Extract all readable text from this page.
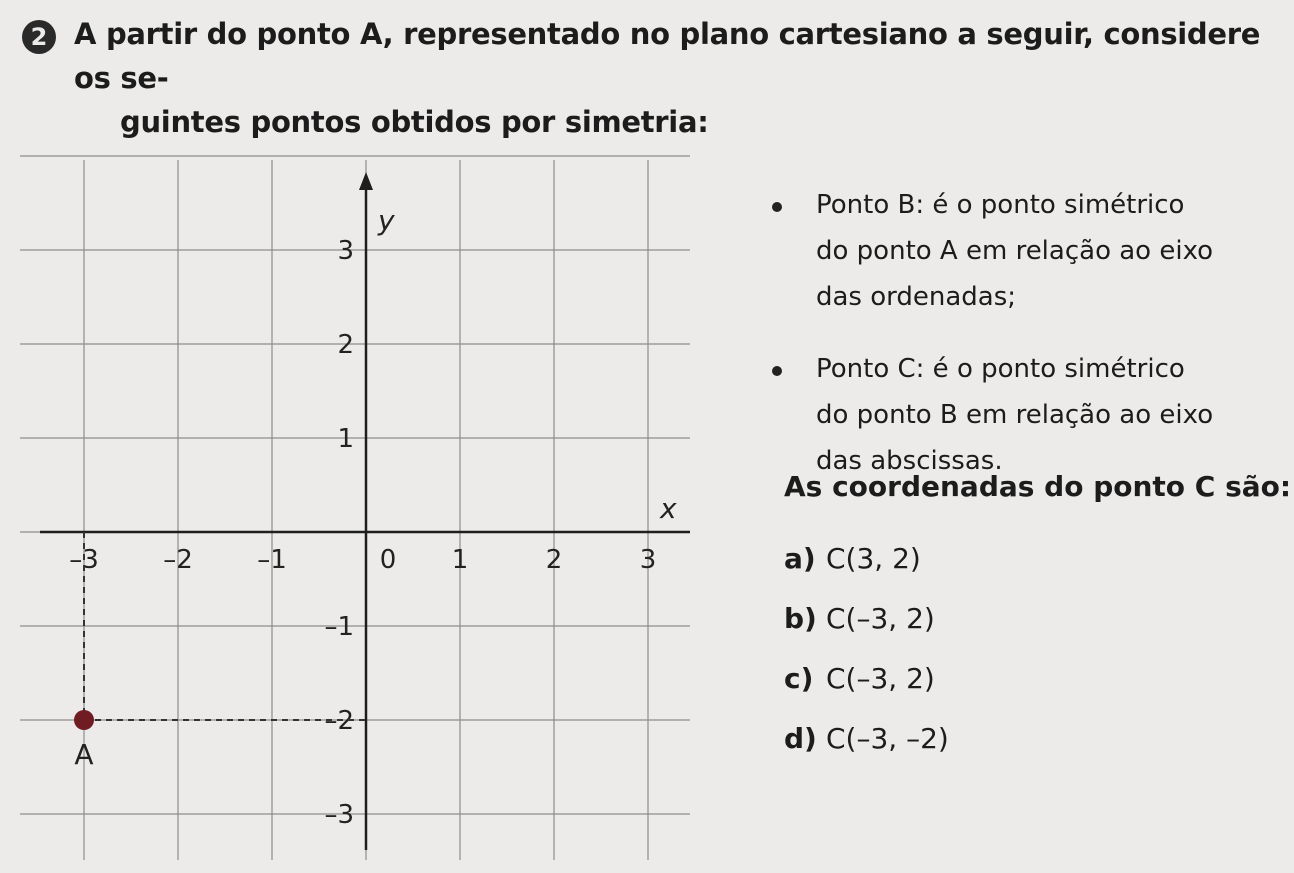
2 A partir do ponto A, representado no plano cartesiano a seguir, considere os se-
guintes pontos obtidos por simetria:
y
x
–3 –2 –1	0 1	2	3
3
2
1
–1
–2
–3
A

Ponto B: é o ponto simétrico

do ponto A em relação ao eixo

das ordenadas;

Ponto C: é o ponto simétrico

do ponto B em relação ao eixo

das abscissas.

As coordenadas do ponto C são:
a) C(3, 2)
b) C(–3, 2)
c) C(–3, 2)
d) C(–3, –2)
